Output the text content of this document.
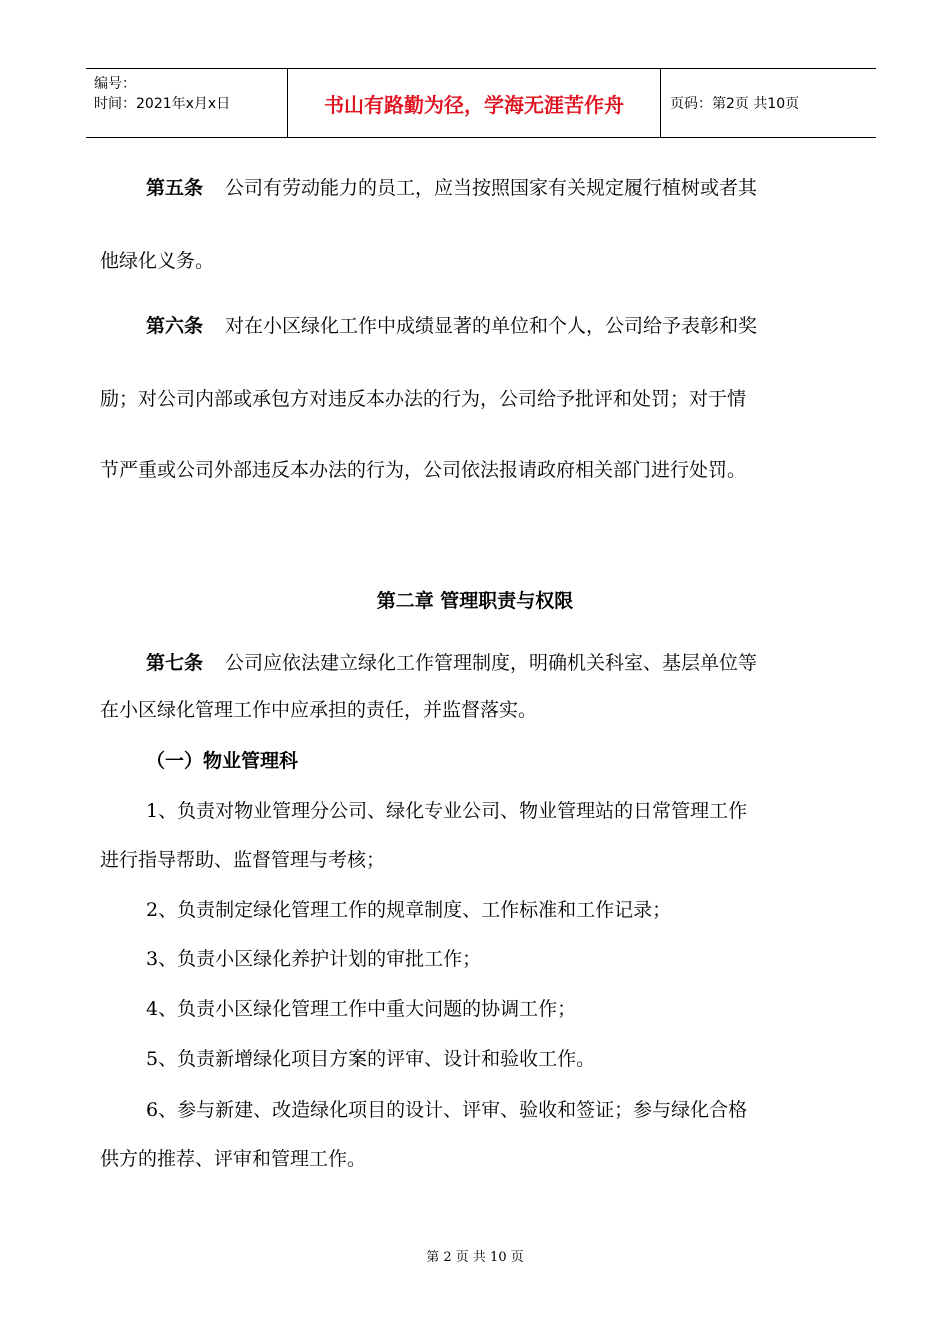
编号：
时间：2021年x月x日	书山有路勤为径，学海无涯苦作舟	页码：第2页 共10页
第五条 公司有劳动能力的员工，应当按照国家有关规定履行植树或者其
他绿化义务。
第六条 对在小区绿化工作中成绩显著的单位和个人，公司给予表彰和奖
励；对公司内部或承包方对违反本办法的行为，公司给予批评和处罚；对于情
节严重或公司外部违反本办法的行为，公司依法报请政府相关部门进行处罚。
第二章 管理职责与权限
第七条 公司应依法建立绿化工作管理制度，明确机关科室、基层单位等
在小区绿化管理工作中应承担的责任，并监督落实。
（一）物业管理科
1、负责对物业管理分公司、绿化专业公司、物业管理站的日常管理工作
进行指导帮助、监督管理与考核；
2、负责制定绿化管理工作的规章制度、工作标准和工作记录；
3、负责小区绿化养护计划的审批工作；
4、负责小区绿化管理工作中重大问题的协调工作；
5、负责新增绿化项目方案的评审、设计和验收工作。
6、参与新建、改造绿化项目的设计、评审、验收和签证；参与绿化合格
供方的推荐、评审和管理工作。
第 2 页 共 10 页
